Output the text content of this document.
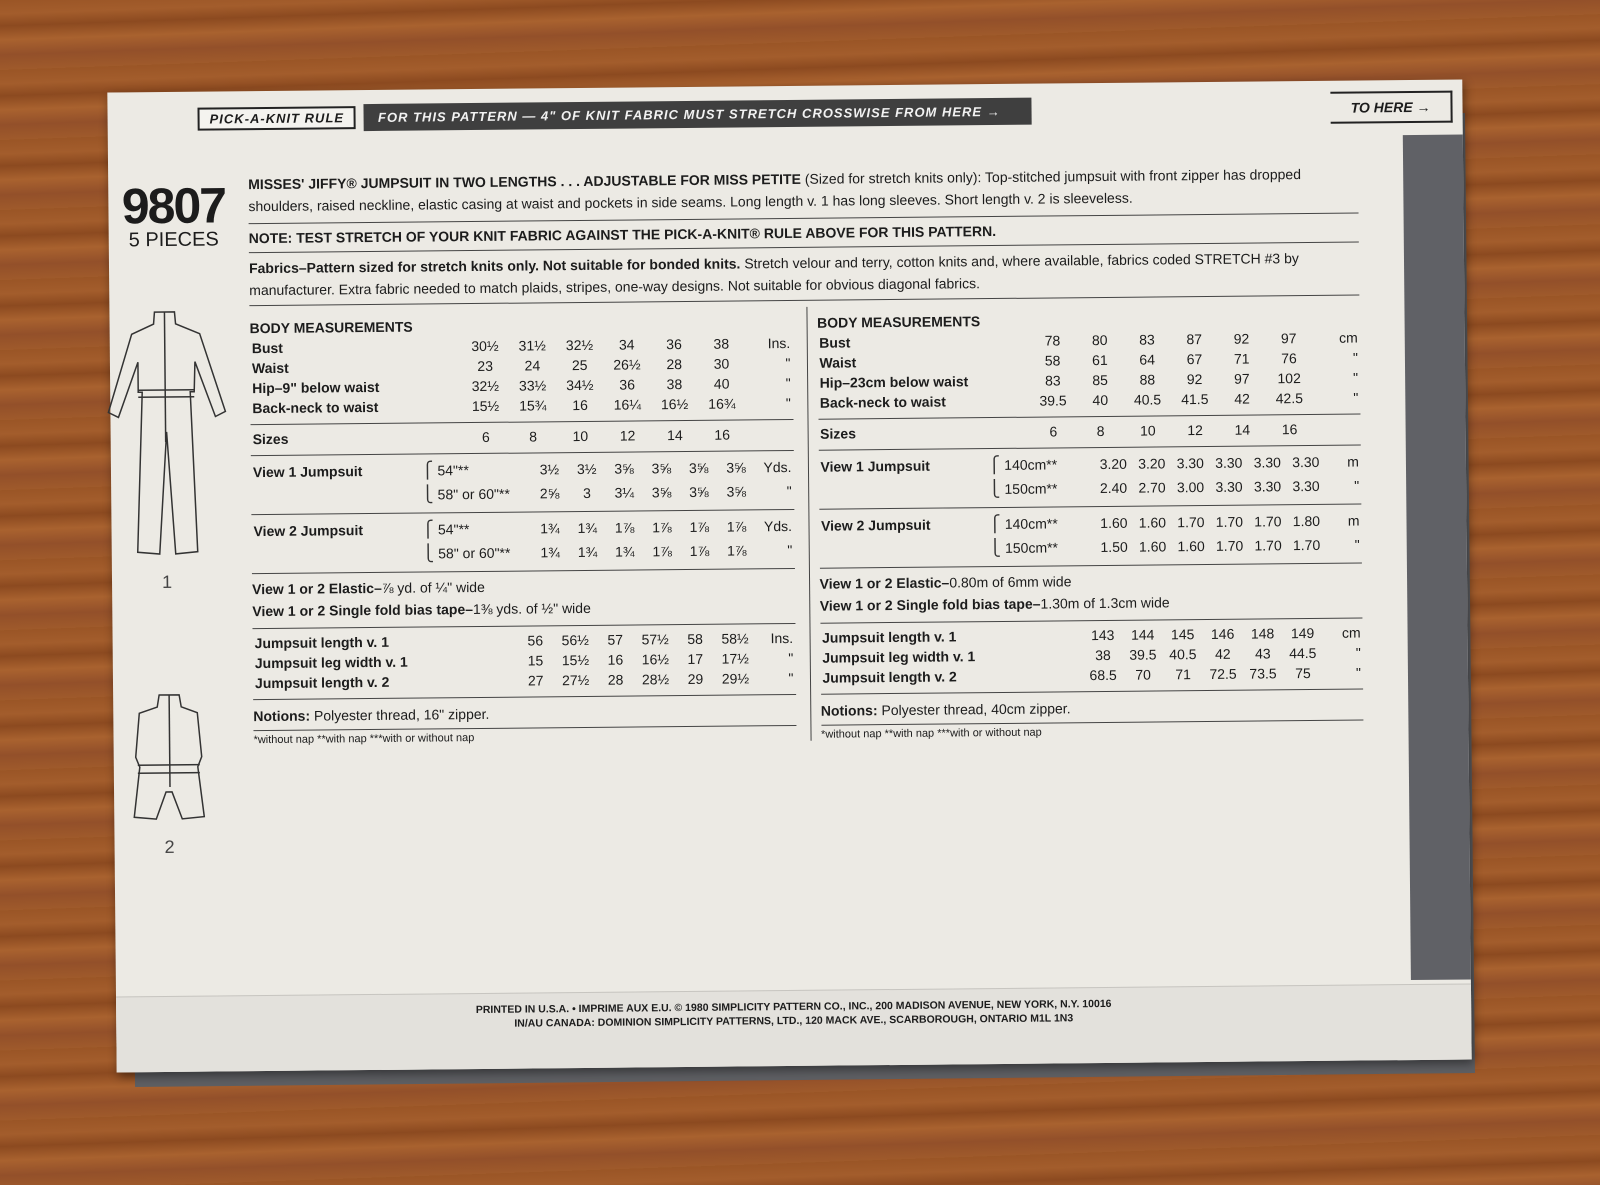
PICK-A-KNIT RULE	FOR THIS PATTERN — 4" OF KNIT FABRIC MUST STRETCH CROSSWISE FROM HERE →	TO HERE →
9807
5 PIECES
1
2
MISSES' JIFFY® JUMPSUIT IN TWO LENGTHS . . . ADJUSTABLE FOR MISS PETITE (Sized for stretch knits only): Top-stitched jumpsuit with front zipper has dropped shoulders, raised neckline, elastic casing at waist and pockets in side seams. Long length v. 1 has long sleeves. Short length v. 2 is sleeveless.
NOTE: TEST STRETCH OF YOUR KNIT FABRIC AGAINST THE PICK-A-KNIT® RULE ABOVE FOR THIS PATTERN.
Fabrics–Pattern sized for stretch knits only. Not suitable for bonded knits. Stretch velour and terry, cotton knits and, where available, fabrics coded STRETCH #3 by manufacturer. Extra fabric needed to match plaids, stripes, one-way designs. Not suitable for obvious diagonal fabrics.
BODY MEASUREMENTS
Bust	30½	31½	32½	34	36	38	Ins.
Waist	23	24	25	26½	28	30	"
Hip–9" below waist	32½	33½	34½	36	38	40	"
Back-neck to waist	15½	15¾	16	16¼	16½	16¾	"
Sizes	6	8	10	12	14	16	
View 1 Jumpsuit	⎧	54"**	3½	3½	3⅝	3⅝	3⅝	3⅝	Yds.
	⎩	58" or 60"**	2⅝	3	3¼	3⅝	3⅝	3⅝	"
View 2 Jumpsuit	⎧	54"**	1¾	1¾	1⅞	1⅞	1⅞	1⅞	Yds.
	⎩	58" or 60"**	1¾	1¾	1¾	1⅞	1⅞	1⅞	"
View 1 or 2 Elastic–⅞ yd. of ¼" wide
View 1 or 2 Single fold bias tape–1⅜ yds. of ½" wide
Jumpsuit length v. 1		56	56½	57	57½	58	58½	Ins.
Jumpsuit leg width v. 1		15	15½	16	16½	17	17½	"
Jumpsuit length v. 2		27	27½	28	28½	29	29½	"
Notions: Polyester thread, 16" zipper.
*without nap **with nap ***with or without nap
BODY MEASUREMENTS
Bust	78	80	83	87	92	97	cm
Waist	58	61	64	67	71	76	"
Hip–23cm below waist	83	85	88	92	97	102	"
Back-neck to waist	39.5	40	40.5	41.5	42	42.5	"
Sizes	6	8	10	12	14	16	
View 1 Jumpsuit	⎧	140cm**	3.20	3.20	3.30	3.30	3.30	3.30	m
	⎩	150cm**	2.40	2.70	3.00	3.30	3.30	3.30	"
View 2 Jumpsuit	⎧	140cm**	1.60	1.60	1.70	1.70	1.70	1.80	m
	⎩	150cm**	1.50	1.60	1.60	1.70	1.70	1.70	"
View 1 or 2 Elastic–0.80m of 6mm wide
View 1 or 2 Single fold bias tape–1.30m of 1.3cm wide
Jumpsuit length v. 1		143	144	145	146	148	149	cm
Jumpsuit leg width v. 1		38	39.5	40.5	42	43	44.5	"
Jumpsuit length v. 2		68.5	70	71	72.5	73.5	75	"
Notions: Polyester thread, 40cm zipper.
*without nap **with nap ***with or without nap
PRINTED IN U.S.A. • IMPRIME AUX E.U. © 1980 SIMPLICITY PATTERN CO., INC., 200 MADISON AVENUE, NEW YORK, N.Y. 10016
IN/AU CANADA: DOMINION SIMPLICITY PATTERNS, LTD., 120 MACK AVE., SCARBOROUGH, ONTARIO M1L 1N3
